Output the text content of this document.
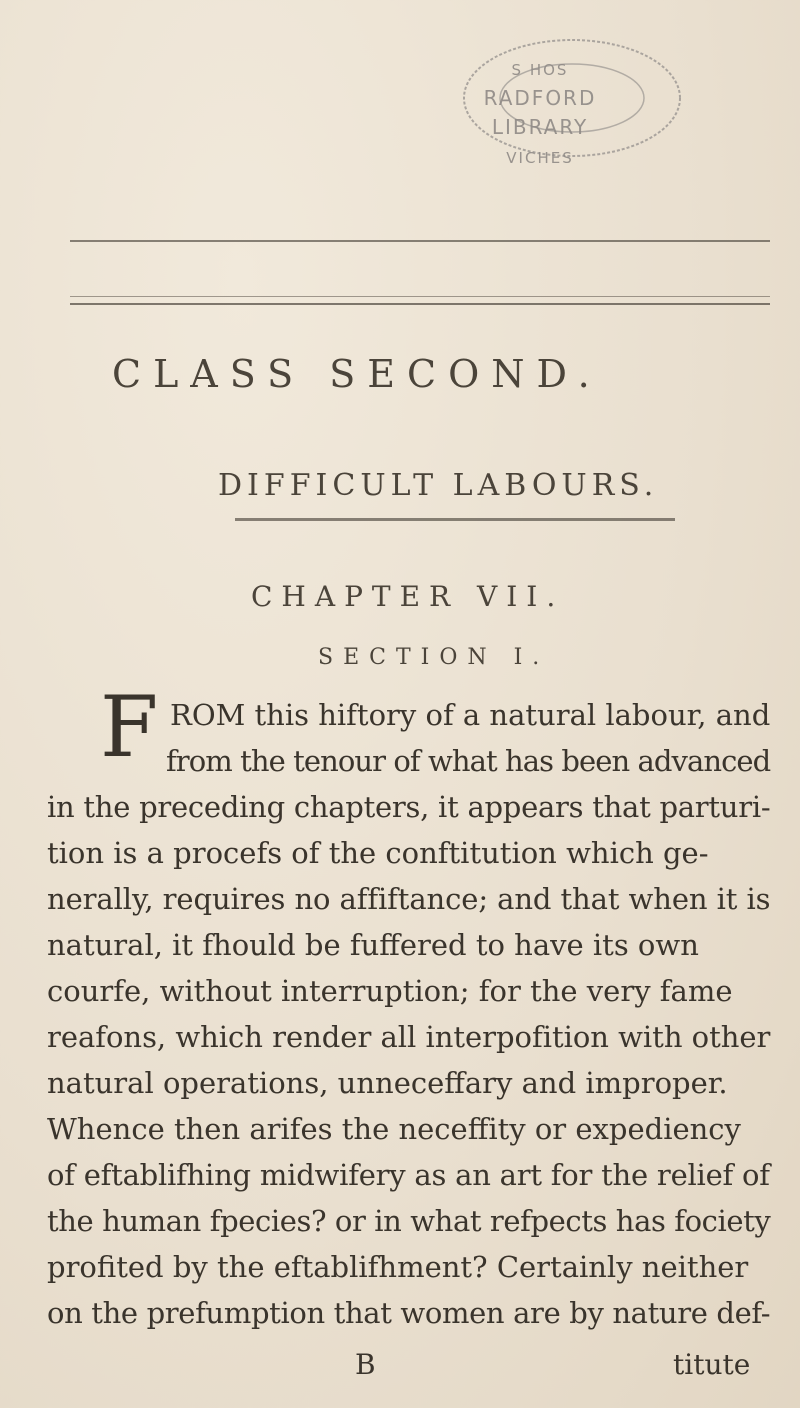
S HOS
RADFORD
LIBRARY
VICHES
CLASS SECOND.
DIFFICULT LABOURS.
CHAPTER VII.
SECTION I.
F ROM this hiftory of a natural labour, and
from the tenour of what has been advanced
in the preceding chapters, it appears that parturi-
tion is a procefs of the conftitution which ge-
nerally, requires no affiftance; and that when it is
natural, it fhould be fuffered to have its own
courfe, without interruption; for the very fame
reafons, which render all interpofition with other
natural operations, unneceffary and improper.
Whence then arifes the neceffity or expediency
of eftablifhing midwifery as an art for the relief of
the human fpecies? or in what refpects has fociety
profited by the eftablifhment? Certainly neither
on the prefumption that women are by nature def-
B	titute
